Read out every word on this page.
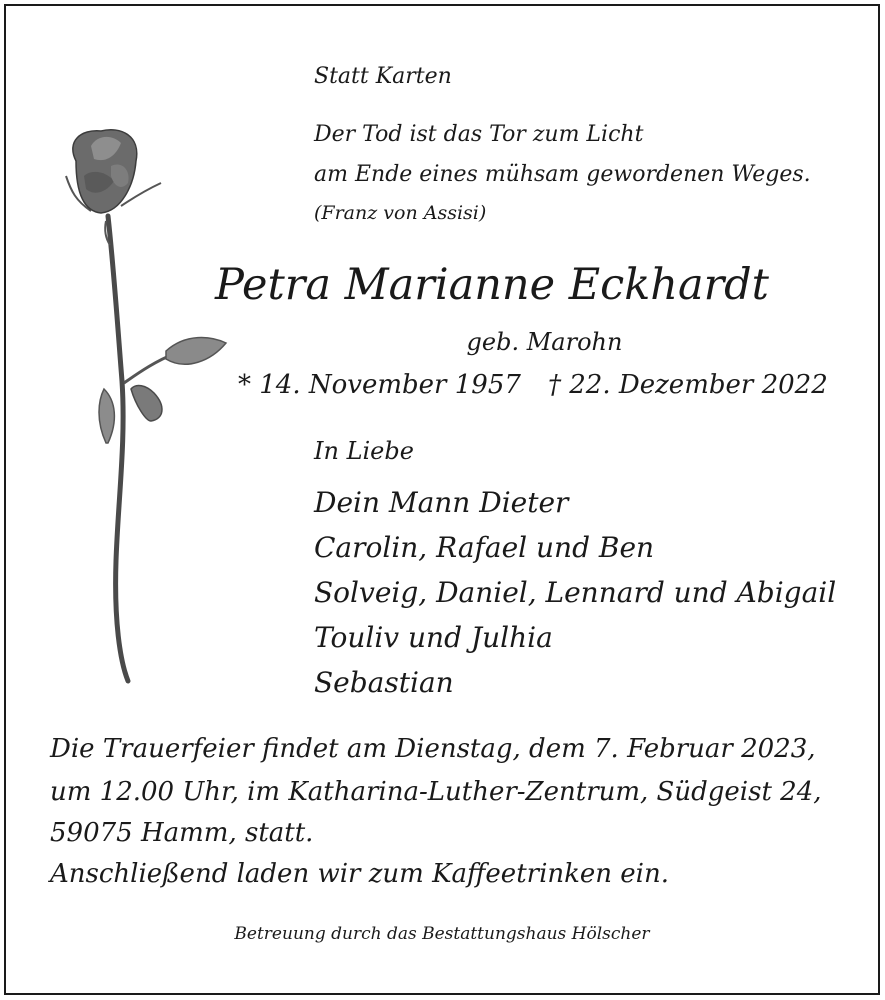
Statt Karten
Der Tod ist das Tor zum Licht
am Ende eines mühsam gewordenen Weges.
(Franz von Assisi)
Petra Marianne Eckhardt
geb. Marohn
* 14. November 1957 † 22. Dezember 2022
In Liebe
Dein Mann Dieter
Carolin, Rafael und Ben
Solveig, Daniel, Lennard und Abigail
Touliv und Julhia
Sebastian
Die Trauerfeier findet am Dienstag, dem 7. Februar 2023,
um 12.00 Uhr, im Katharina-Luther-Zentrum, Südgeist 24,
59075 Hamm, statt.
Anschließend laden wir zum Kaffeetrinken ein.
Betreuung durch das Bestattungshaus Hölscher
